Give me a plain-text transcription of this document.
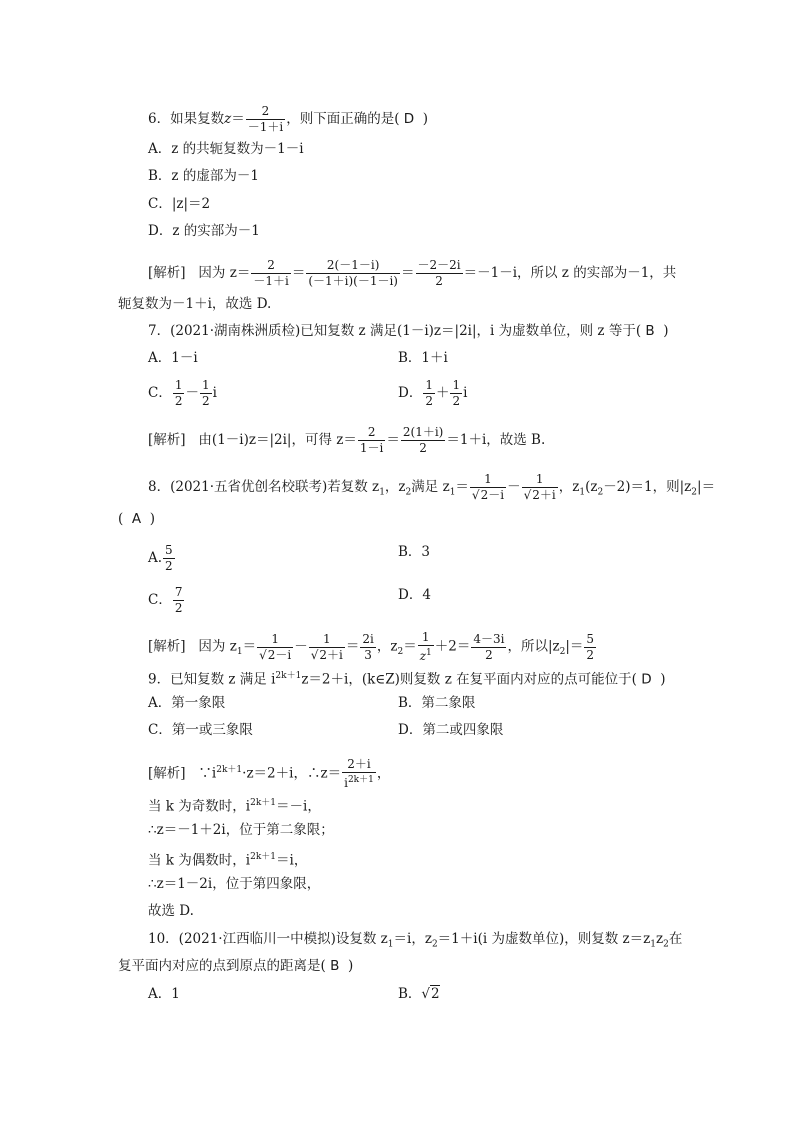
6．如果复数$z= \frac{2}{-1+i}$ ，则下面正确的是( D )
A．z 的共轭复数为－1－i
B．z 的虚部为－1
C．|z|＝2
D．z 的实部为－1
[解析] 因为 $z= \frac{2}{-1+i} = \frac{2(-1-i)}{(-1+i)(-1-i)} = \frac{-2-2i}{2} =-1-i$，所以 z 的实部为－1，共
轭复数为－1＋i，故选 D.
7．(2021·湖南株洲质检)已知复数 z 满足(1－i)z＝|2i|，i 为虚数单位，则 z 等于( B )
A．1－i	B．1＋i
C． $\frac{1}{2} - \frac{1}{2}$ i	D． $\frac{1}{2} + \frac{1}{2}$ i
[解析] 由(1－i)z＝|2i|，可得 $z= \frac{2}{1-i} = \frac{2(1+i)}{2} =1+i$，故选 B.
8．(2021·五省优创名校联考)若复数 $z_1$，$z_2$满足 $z_1= \frac{1}{√2-i} - \frac{1}{√2+i}$ ，$z_1(z_2-2)=1$，则$|z_2|=$
( A )
A. $\frac{5}{2}$	B．3
C． $\frac{7}{2}$	D．4
[解析] 因为 $z_1= \frac{1}{√2-i} - \frac{1}{√2+i} = \frac{2i}{3}$ ，$z_2= \frac{1}{z^1} +2= \frac{4-3i}{2}$ ，所以$|z_2|= \frac{5}{2}$
9．已知复数 z 满足 $i^{2k+1}z=2+i$，(k∈Z)则复数 z 在复平面内对应的点可能位于( D )
A．第一象限	B．第二象限
C．第一或三象限	D．第二或四象限
[解析] $\because i^{2k+1}\cdot z=2+i$，∴z＝ $\frac{2+i}{i^{2k+1}}$ ，
当 k 为奇数时，$i^{2k+1}=-i$，
∴z＝－1＋2i，位于第二象限；
当 k 为偶数时，$i^{2k+1}=i$，
∴z＝1－2i，位于第四象限，
故选 D.
10．(2021·江西临川一中模拟)设复数 $z_1=i$，$z_2=1+i(i$ 为虚数单位)，则复数 $z=z_1z_2$在
复平面内对应的点到原点的距离是( B )
A．1	B．√2
